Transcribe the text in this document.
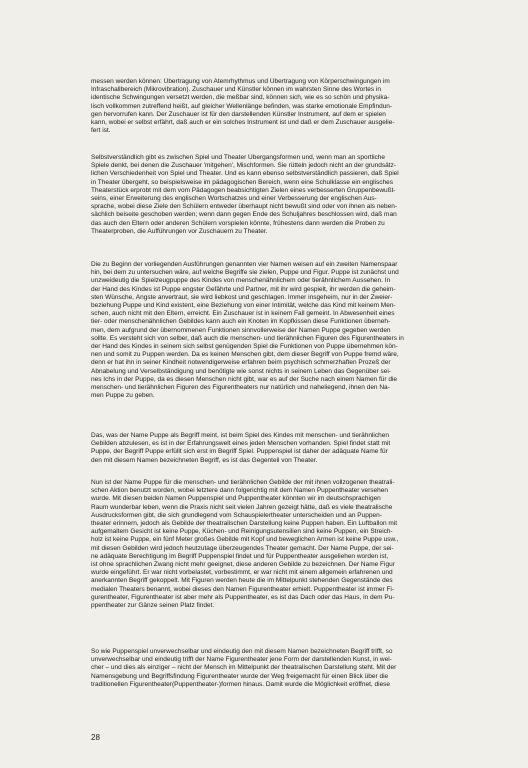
messen werden können: Übertragung von Atemrhythmus und Übertragung von Körperschwingungen im
Infraschallbereich (Mikrovibration). Zuschauer und Künstler können im wahrsten Sinne des Wortes in
identische Schwingungen versetzt werden, die meßbar sind, können sich, wie es so schön und physika-
lisch vollkommen zutreffend heißt, auf gleicher Wellenlänge befinden, was starke emotionale Empfindun-
gen hervorrufen kann. Der Zuschauer ist für den darstellenden Künstler Instrument, auf dem er spielen
kann, wobei er selbst erfährt, daß auch er ein solches Instrument ist und daß er dem Zuschauer ausgelie-
fert ist.
Selbstverständlich gibt es zwischen Spiel und Theater Übergangsformen und, wenn man an sportliche
Spiele denkt, bei denen die Zuschauer 'mitgehen', Mischformen. Sie rütteln jedoch nicht an der grundsätz-
lichen Verschiedenheit von Spiel und Theater. Und es kann ebenso selbstverständlich passieren, daß Spiel
in Theater übergeht, so beispielsweise im pädagogischen Bereich, wenn eine Schulklasse ein englisches
Theaterstück erprobt mit dem vom Pädagogen beabsichtigten Zielen eines verbesserten Gruppenbewußt-
seins, einer Erweiterung des englischen Wortschatzes und einer Verbesserung der englischen Aus-
sprache, wobei diese Ziele den Schülern entweder überhaupt nicht bewußt sind oder von ihnen als neben-
sächlich beiseite geschoben werden; wenn dann gegen Ende des Schuljahres beschlossen wird, daß man
das auch den Eltern oder anderen Schülern vorspielen könnte, frühestens dann werden die Proben zu
Theaterproben, die Aufführungen vor Zuschauern zu Theater.
Die zu Beginn der vorliegenden Ausführungen genannten vier Namen weisen auf ein zweiten Namenspaar
hin, bei dem zu untersuchen wäre, auf welche Begriffe sie zielen, Puppe und Figur. Puppe ist zunächst und
unzweideutig die Spielzeugpuppe des Kindes von menschenähnlichem oder tierähnlichem Aussehen. In
der Hand des Kindes ist Puppe engster Gefährte und Partner, mit ihr wird gespielt, ihr werden die geheim-
sten Wünsche, Ängste anvertraut, sie wird liebkost und geschlagen. Immer insgeheim, nur in der Zweier-
beziehung Puppe und Kind existent, eine Beziehung von einer Intimität, welche das Kind mit keinem Men-
schen, auch nicht mit den Eltern, erreicht. Ein Zuschauer ist in keinem Fall gemeint. In Abwesenheit eines
tier- oder menschenähnlichen Gebildes kann auch ein Knoten im Kopfkissen diese Funktionen überneh-
men, dem aufgrund der übernommenen Funktionen sinnvollerweise der Namen Puppe gegeben werden
sollte. Es versteht sich von selber, daß auch die menschen- und tierähnlichen Figuren des Figurentheaters in
der Hand des Kindes in seinem sich selbst genügenden Spiel die Funktionen von Puppe übernehmen kön-
nen und somit zu Puppen werden. Da es keinen Menschen gibt, dem dieser Begriff von Puppe fremd wäre,
denn er hat ihn in seiner Kindheit notwendigerweise erfahren beim psychisch schmerzhaften Prozeß der
Abnabelung und Verselbständigung und benötigte wie sonst nichts in seinem Leben das Gegenüber sei-
nes Ichs in der Puppe, da es diesen Menschen nicht gibt, war es auf der Suche nach einem Namen für die
menschen- und tierähnlichen Figuren des Figurentheaters nur natürlich und naheliegend, ihnen den Na-
men Puppe zu geben.
Das, was der Name Puppe als Begriff meint, ist beim Spiel des Kindes mit menschen- und tierähnlichen
Gebilden abzulesen, es ist in der Erfahrungswelt eines jeden Menschen vorhanden. Spiel findet statt mit
Puppe, der Begriff Puppe erfüllt sich erst im Begriff Spiel. Puppenspiel ist daher der adäquate Name für
den mit diesem Namen bezeichneten Begriff, es ist das Gegenteil von Theater.
Nun ist der Name Puppe für die menschen- und tierähnlichen Gebilde der mit ihnen vollzogenen theatrali-
schen Aktion benutzt worden, wobei letztere dann folgerichtig mit dem Namen Puppentheater versehen
wurde. Mit diesen beiden Namen Puppenspiel und Puppentheater könnten wir im deutschsprachigen
Raum wunderbar leben, wenn die Praxis nicht seit vielen Jahren gezeigt hätte, daß es viele theatralische
Ausdrucksformen gibt, die sich grundlegend vom Schauspielertheater unterscheiden und an Puppen-
theater erinnern, jedoch als Gebilde der theatralischen Darstellung keine Puppen haben. Ein Luftballon mit
aufgemaltem Gesicht ist keine Puppe, Küchen- und Reinigungsutensilien sind keine Puppen, ein Streich-
holz ist keine Puppe, ein fünf Meter großes Gebilde mit Kopf und beweglichen Armen ist keine Puppe usw.,
mit diesen Gebilden wird jedoch heutzutage überzeugendes Theater gemacht. Der Name Puppe, der sei-
ne adäquate Berechtigung im Begriff Puppenspiel findet und für Puppentheater ausgeliehen worden ist,
ist ohne sprachlichen Zwang nicht mehr geeignet, diese anderen Gebilde zu bezeichnen. Der Name Figur
wurde eingeführt. Er war nicht vorbelastet, vorbestimmt, er war nicht mit einem allgemein erfahrenen und
anerkannten Begriff gekoppelt. Mit Figuren werden heute die im Mittelpunkt stehenden Gegenstände des
medialen Theaters benannt, wobei dieses den Namen Figurentheater erhielt. Puppentheater ist immer Fi-
gurentheater, Figurentheater ist aber mehr als Puppentheater, es ist das Dach oder das Haus, in dem Pu-
ppentheater zur Gänze seinen Platz findet.
So wie Puppenspiel unverwechselbar und eindeutig den mit diesem Namen bezeichneten Begriff trifft, so
unverwechselbar und eindeutig trifft der Name Figurentheater jene Form der darstellenden Kunst, in wel-
cher – und dies als einziger – nicht der Mensch im Mittelpunkt der theatralischen Darstellung steht. Mit der
Namensgebung und Begriffsfindung Figurentheater wurde der Weg freigemacht für einen Blick über die
traditionellen Figurentheater(Puppentheater-)formen hinaus. Damit wurde die Möglichkeit eröffnet, diese
28
